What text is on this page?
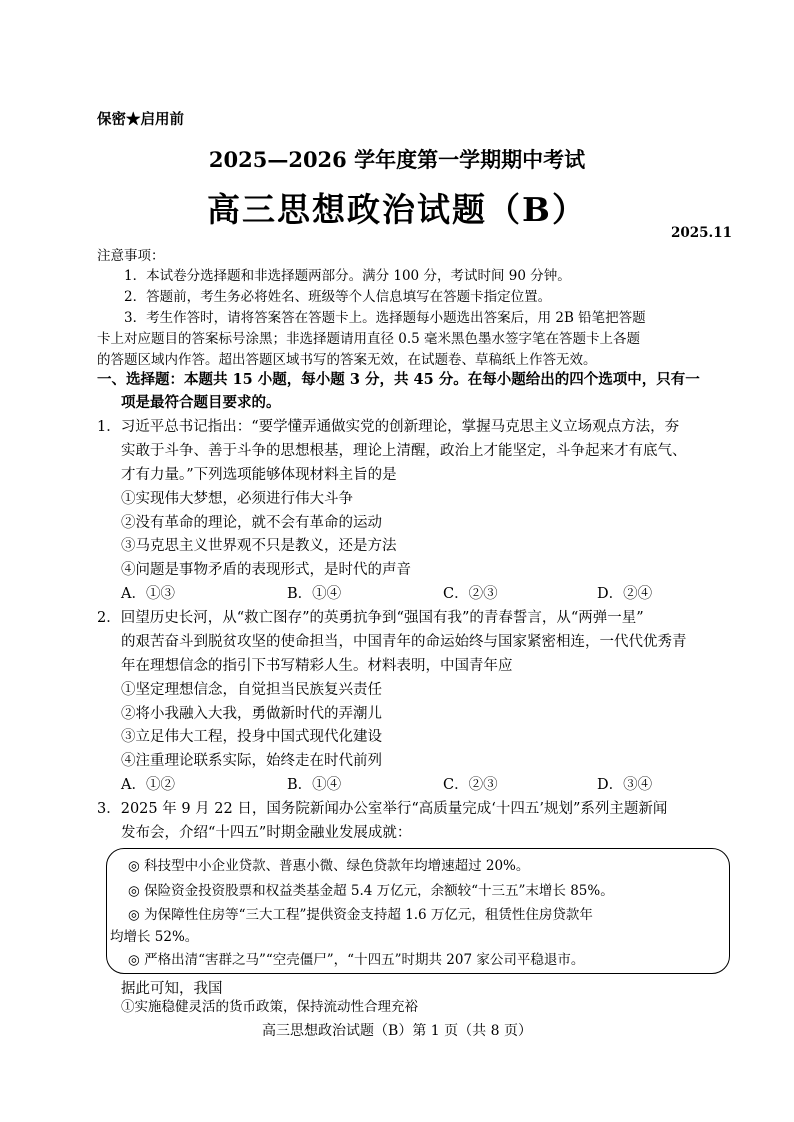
保密★启用前
2025—2026 学年度第一学期期中考试
高三思想政治试题（B）
2025.11
注意事项：
1．本试卷分选择题和非选择题两部分。满分 100 分，考试时间 90 分钟。
2．答题前，考生务必将姓名、班级等个人信息填写在答题卡指定位置。
3．考生作答时，请将答案答在答题卡上。选择题每小题选出答案后，用 2B 铅笔把答题
卡上对应题目的答案标号涂黑；非选择题请用直径 0.5 毫米黑色墨水签字笔在答题卡上各题
的答题区域内作答。超出答题区域书写的答案无效，在试题卷、草稿纸上作答无效。
一、选择题：本题共 15 小题，每小题 3 分，共 45 分。在每小题给出的四个选项中，只有一
项是最符合题目要求的。
1．习近平总书记指出：“要学懂弄通做实党的创新理论，掌握马克思主义立场观点方法，夯
实敢于斗争、善于斗争的思想根基，理论上清醒，政治上才能坚定，斗争起来才有底气、
才有力量。”下列选项能够体现材料主旨的是
①实现伟大梦想，必须进行伟大斗争
②没有革命的理论，就不会有革命的运动
③马克思主义世界观不只是教义，还是方法
④问题是事物矛盾的表现形式，是时代的声音
A．①③	B．①④	C．②③	D．②④
2．回望历史长河，从“救亡图存”的英勇抗争到“强国有我”的青春誓言，从“两弹一星”
的艰苦奋斗到脱贫攻坚的使命担当，中国青年的命运始终与国家紧密相连，一代代优秀青
年在理想信念的指引下书写精彩人生。材料表明，中国青年应
①坚定理想信念，自觉担当民族复兴责任
②将小我融入大我，勇做新时代的弄潮儿
③立足伟大工程，投身中国式现代化建设
④注重理论联系实际，始终走在时代前列
A．①②	B．①④	C．②③	D．③④
3．2025 年 9 月 22 日，国务院新闻办公室举行“高质量完成‘十四五’规划”系列主题新闻
发布会，介绍“十四五”时期金融业发展成就：
◎ 科技型中小企业贷款、普惠小微、绿色贷款年均增速超过 20%。
◎ 保险资金投资股票和权益类基金超 5.4 万亿元，余额较“十三五”末增长 85%。
◎ 为保障性住房等“三大工程”提供资金支持超 1.6 万亿元，租赁性住房贷款年
均增长 52%。
◎ 严格出清“害群之马”“空壳僵尸”，“十四五”时期共 207 家公司平稳退市。
据此可知，我国
①实施稳健灵活的货币政策，保持流动性合理充裕
高三思想政治试题（B）第 1 页（共 8 页）
